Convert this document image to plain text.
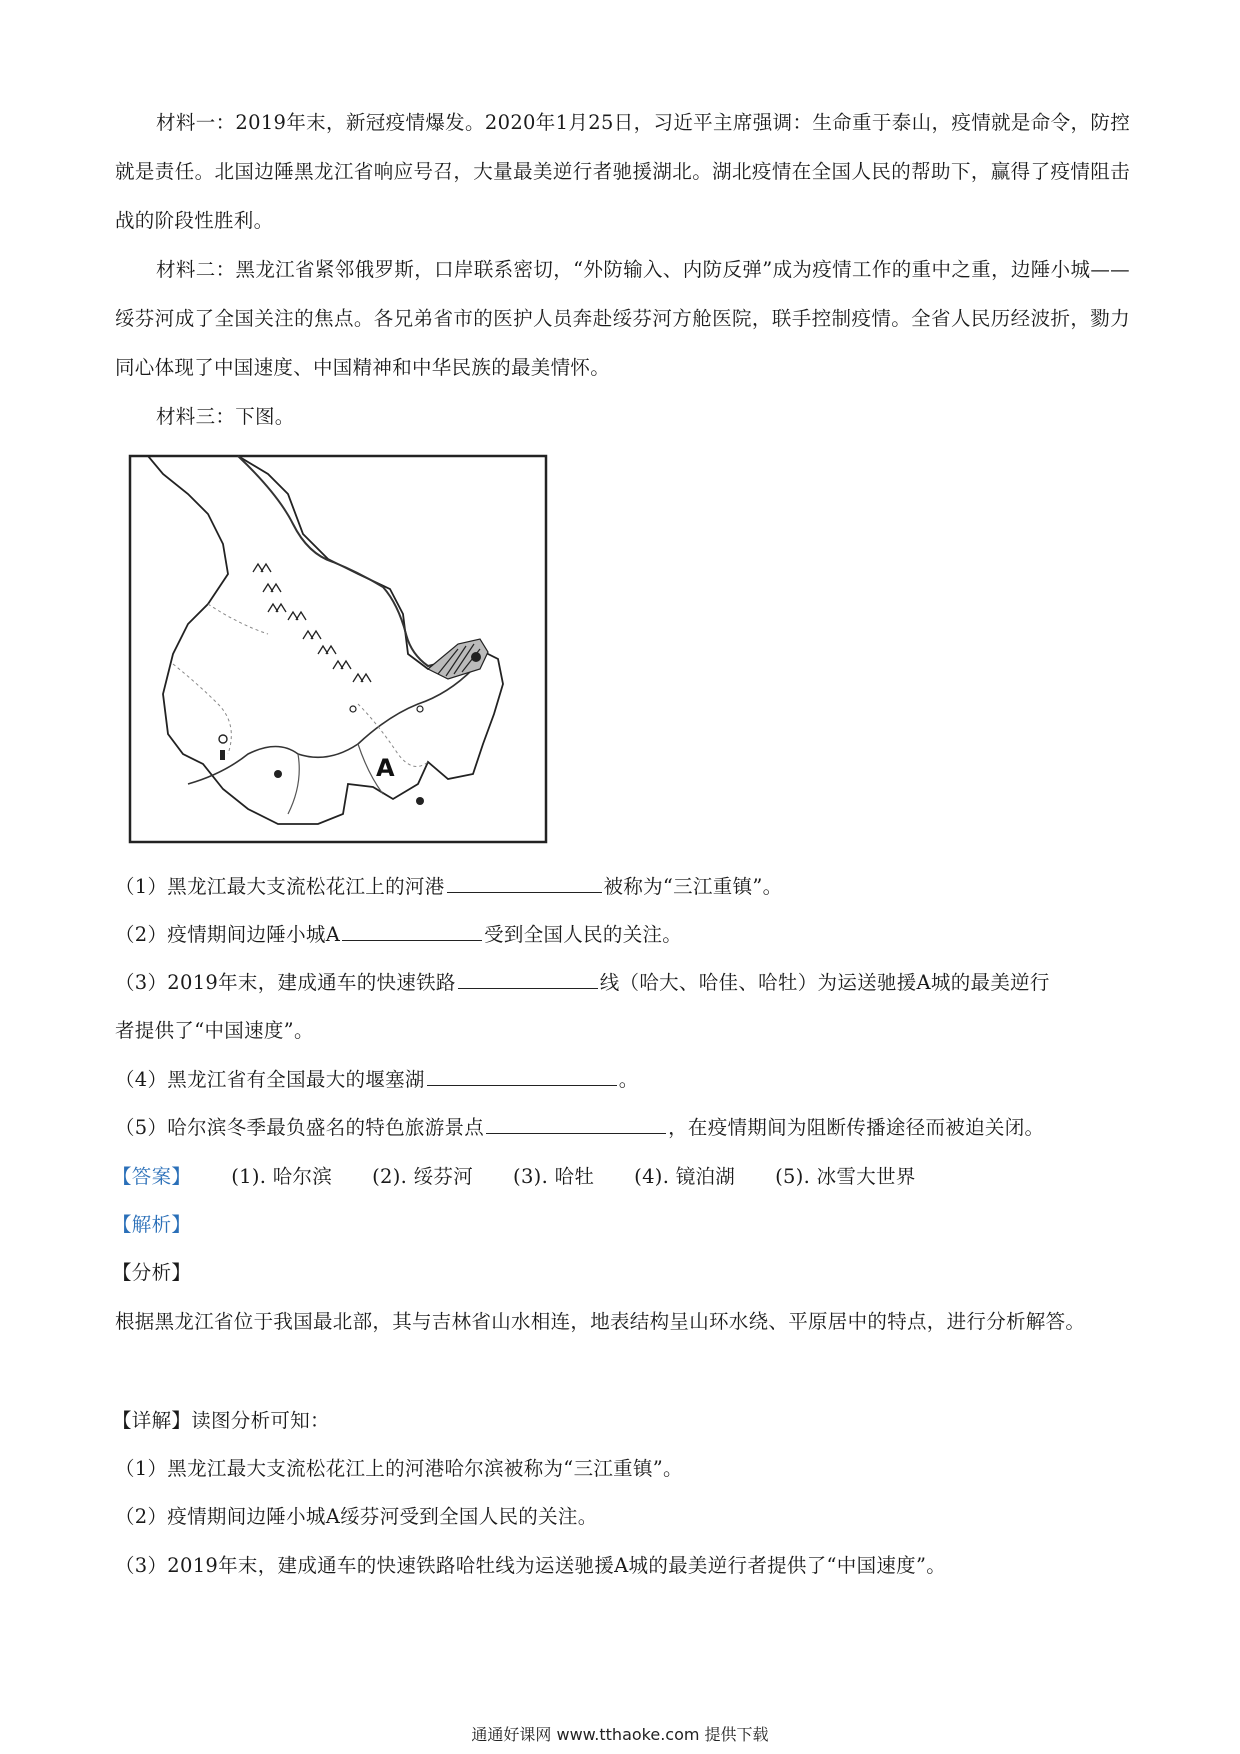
材料一：2019年末，新冠疫情爆发。2020年1月25日，习近平主席强调：生命重于泰山，疫情就是命令，防控就是责任。北国边陲黑龙江省响应号召，大量最美逆行者驰援湖北。湖北疫情在全国人民的帮助下，赢得了疫情阻击战的阶段性胜利。

材料二：黑龙江省紧邻俄罗斯，口岸联系密切，“外防输入、内防反弹”成为疫情工作的重中之重，边陲小城——绥芬河成了全国关注的焦点。各兄弟省市的医护人员奔赴绥芬河方舱医院，联手控制疫情。全省人民历经波折，勠力同心体现了中国速度、中国精神和中华民族的最美情怀。

材料三：下图。

A
（1）黑龙江最大支流松花江上的河港	被称为“三江重镇”。
（2）疫情期间边陲小城A	受到全国人民的关注。
（3）2019年末，建成通车的快速铁路	线（哈大、哈佳、哈牡）为运送驰援A城的最美逆行
者提供了“中国速度”。
（4）黑龙江省有全国最大的堰塞湖	。
（5）哈尔滨冬季最负盛名的特色旅游景点	，在疫情期间为阻断传播途径而被迫关闭。
【答案】 (1). 哈尔滨 (2). 绥芬河 (3). 哈牡 (4). 镜泊湖 (5). 冰雪大世界
【解析】
【分析】

根据黑龙江省位于我国最北部，其与吉林省山水相连，地表结构呈山环水绕、平原居中的特点，进行分析解答。

【详解】读图分析可知：
（1）黑龙江最大支流松花江上的河港哈尔滨被称为“三江重镇”。
（2）疫情期间边陲小城A绥芬河受到全国人民的关注。
（3）2019年末，建成通车的快速铁路哈牡线为运送驰援A城的最美逆行者提供了“中国速度”。
通通好课网 www.tthaoke.com 提供下载
